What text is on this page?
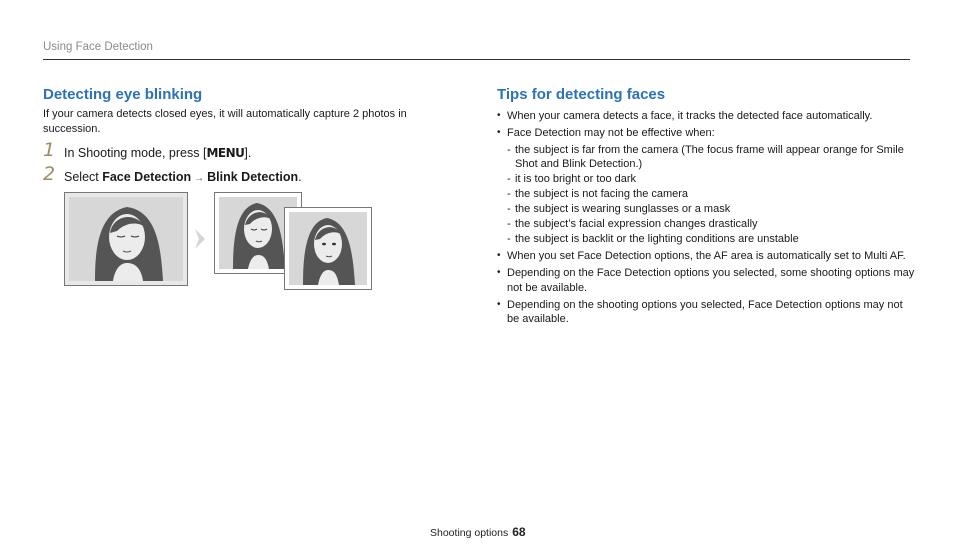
Using Face Detection
Detecting eye blinking

If your camera detects closed eyes, it will automatically capture 2 photos in succession.

1 In Shooting mode, press [MENU].
2 Select Face Detection → Blink Detection.
Tips for detecting faces
• When your camera detects a face, it tracks the detected face automatically.
• Face Detection may not be effective when:
- the subject is far from the camera (The focus frame will appear orange for Smile Shot and Blink Detection.)
- it is too bright or too dark
- the subject is not facing the camera
- the subject is wearing sunglasses or a mask
- the subject’s facial expression changes drastically
- the subject is backlit or the lighting conditions are unstable
• When you set Face Detection options, the AF area is automatically set to Multi AF.
• Depending on the Face Detection options you selected, some shooting options may not be available.
• Depending on the shooting options you selected, Face Detection options may not be available.
Shooting options 68
